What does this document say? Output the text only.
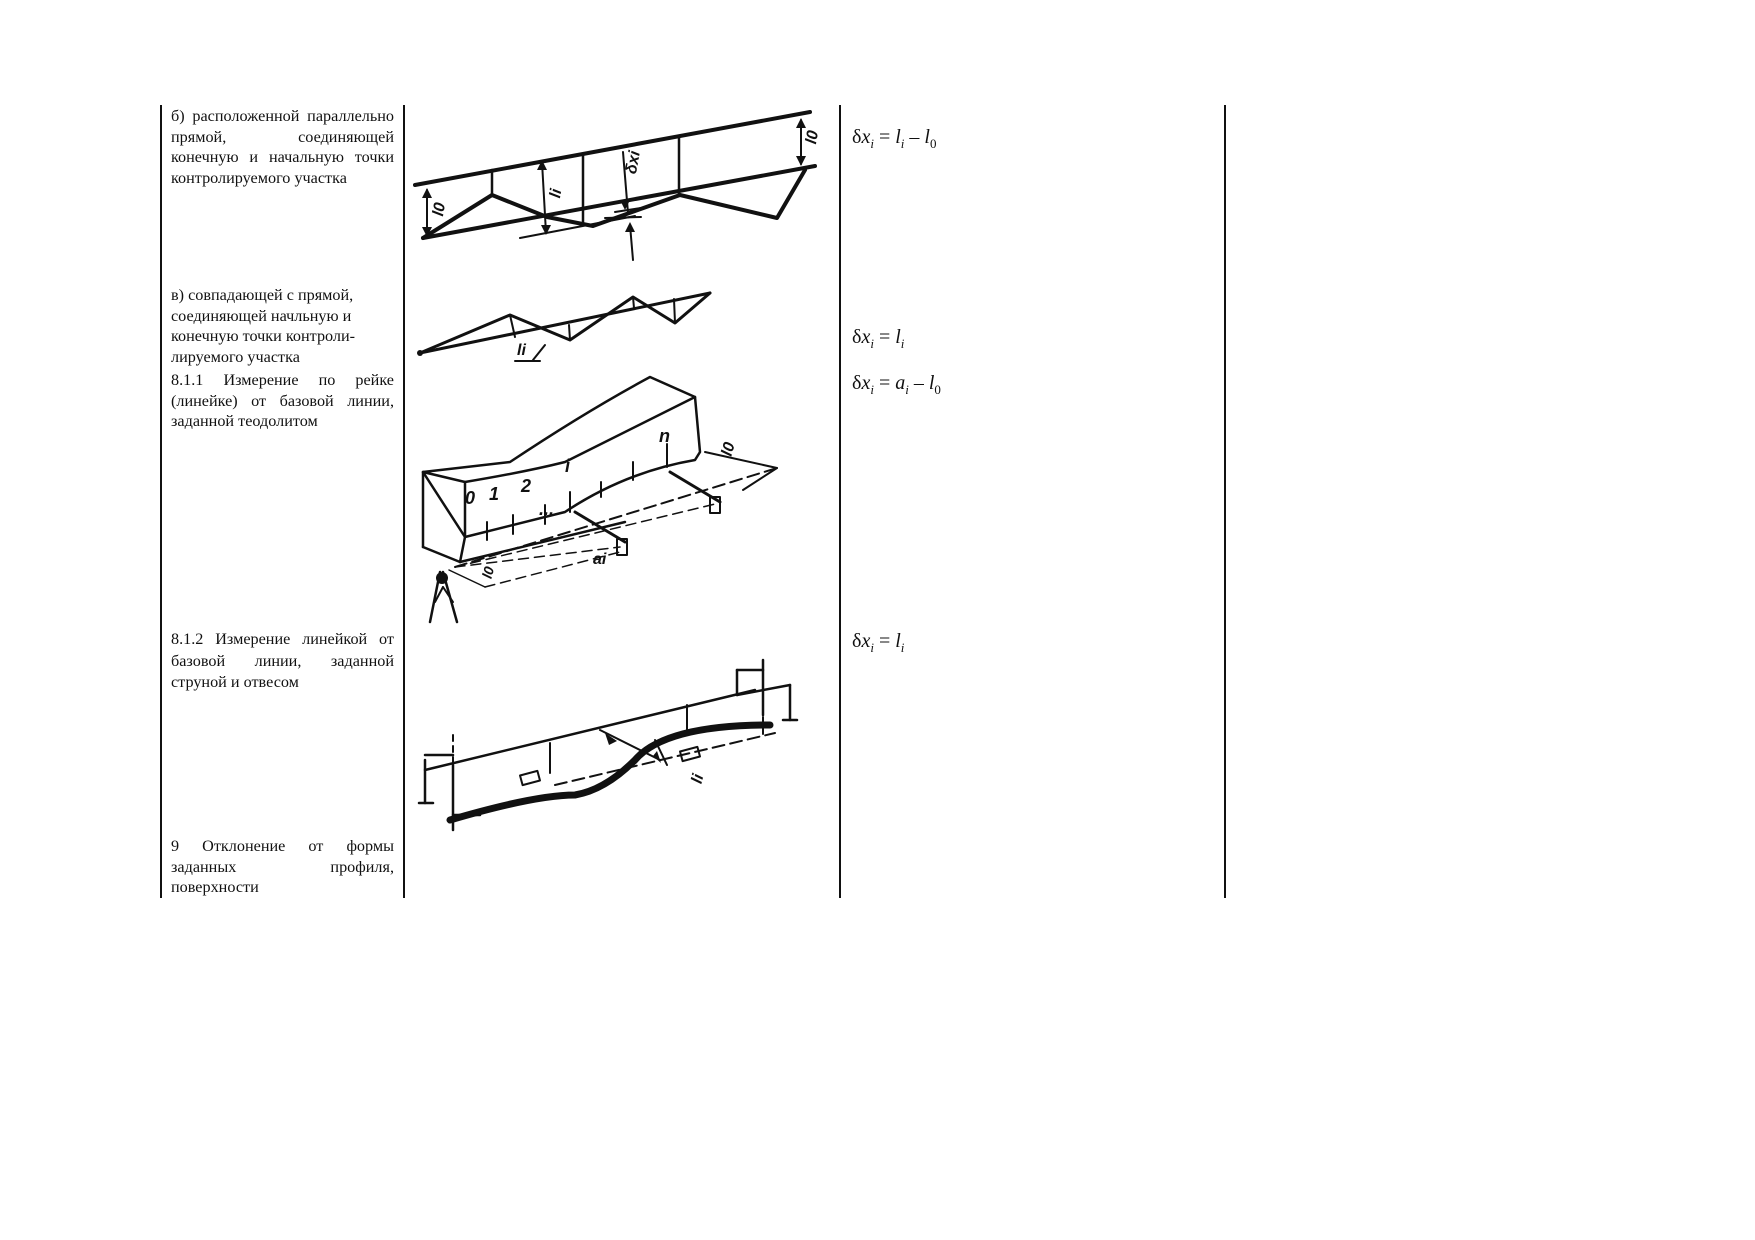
б) расположенной параллельно прямой, соединяющей конечную и начальную точки
контролируемого участка
в) совпадающей с прямой,
соединяющей начльную и
конечную точки контроли-
лируемого участка
8.1.1 Измерение по рейке (линейке) от базовой линии,
заданной теодолитом
8.1.2 Измерение линейкой от базовой линии, заданной
струной и отвесом
9 Отклонение от формы заданных профиля,
поверхности
$\delta x_i = l_i - l_0$
$\delta x_i = l_i$
$\delta x_i = a_i - l_0$
$\delta x_i = l_i$
l0
l0
li
δxi
li
0 1 2
...
i
n
l0
ai
l0
li
